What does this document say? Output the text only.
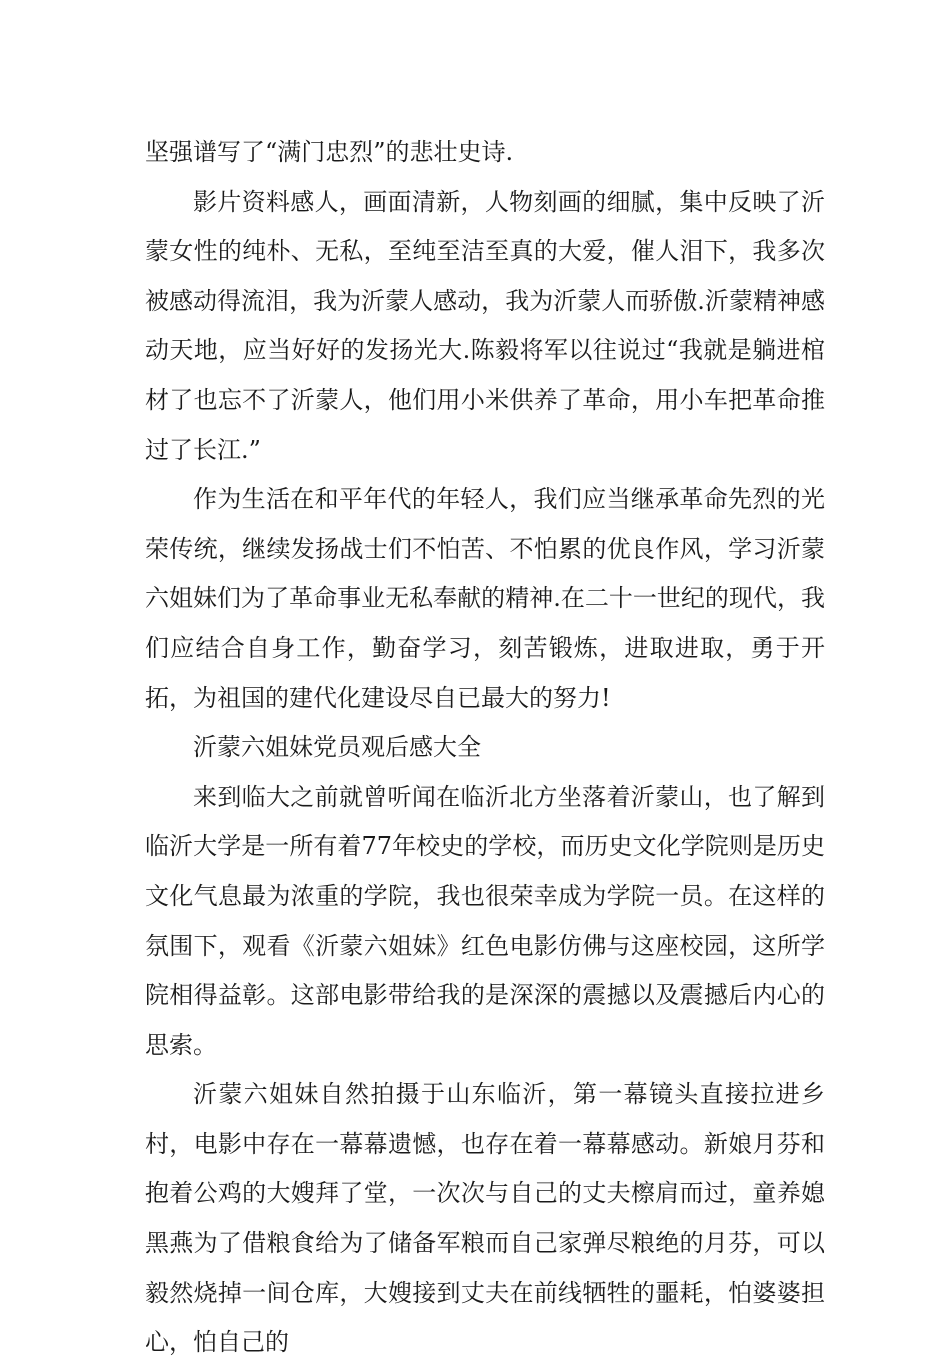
坚强谱写了“满门忠烈”的悲壮史诗.

影片资料感人，画面清新，人物刻画的细腻，集中反映了沂蒙女性的纯朴、无私，至纯至洁至真的大爱，催人泪下，我多次被感动得流泪，我为沂蒙人感动，我为沂蒙人而骄傲.沂蒙精神感动天地，应当好好的发扬光大.陈毅将军以往说过“我就是躺进棺材了也忘不了沂蒙人，他们用小米供养了革命，用小车把革命推过了长江.”

作为生活在和平年代的年轻人，我们应当继承革命先烈的光荣传统，继续发扬战士们不怕苦、不怕累的优良作风，学习沂蒙六姐妹们为了革命事业无私奉献的精神.在二十一世纪的现代，我们应结合自身工作，勤奋学习，刻苦锻炼，进取进取，勇于开拓，为祖国的建代化建设尽自已最大的努力!

沂蒙六姐妹党员观后感大全

来到临大之前就曾听闻在临沂北方坐落着沂蒙山，也了解到临沂大学是一所有着77年校史的学校，而历史文化学院则是历史文化气息最为浓重的学院，我也很荣幸成为学院一员。在这样的氛围下，观看《沂蒙六姐妹》红色电影仿佛与这座校园，这所学院相得益彰。这部电影带给我的是深深的震撼以及震撼后内心的思索。

沂蒙六姐妹自然拍摄于山东临沂，第一幕镜头直接拉进乡村，电影中存在一幕幕遗憾，也存在着一幕幕感动。新娘月芬和抱着公鸡的大嫂拜了堂，一次次与自己的丈夫檫肩而过，童养媳黑燕为了借粮食给为了储备军粮而自己家弹尽粮绝的月芬，可以毅然烧掉一间仓库，大嫂接到丈夫在前线牺牲的噩耗，怕婆婆担心，怕自己的
